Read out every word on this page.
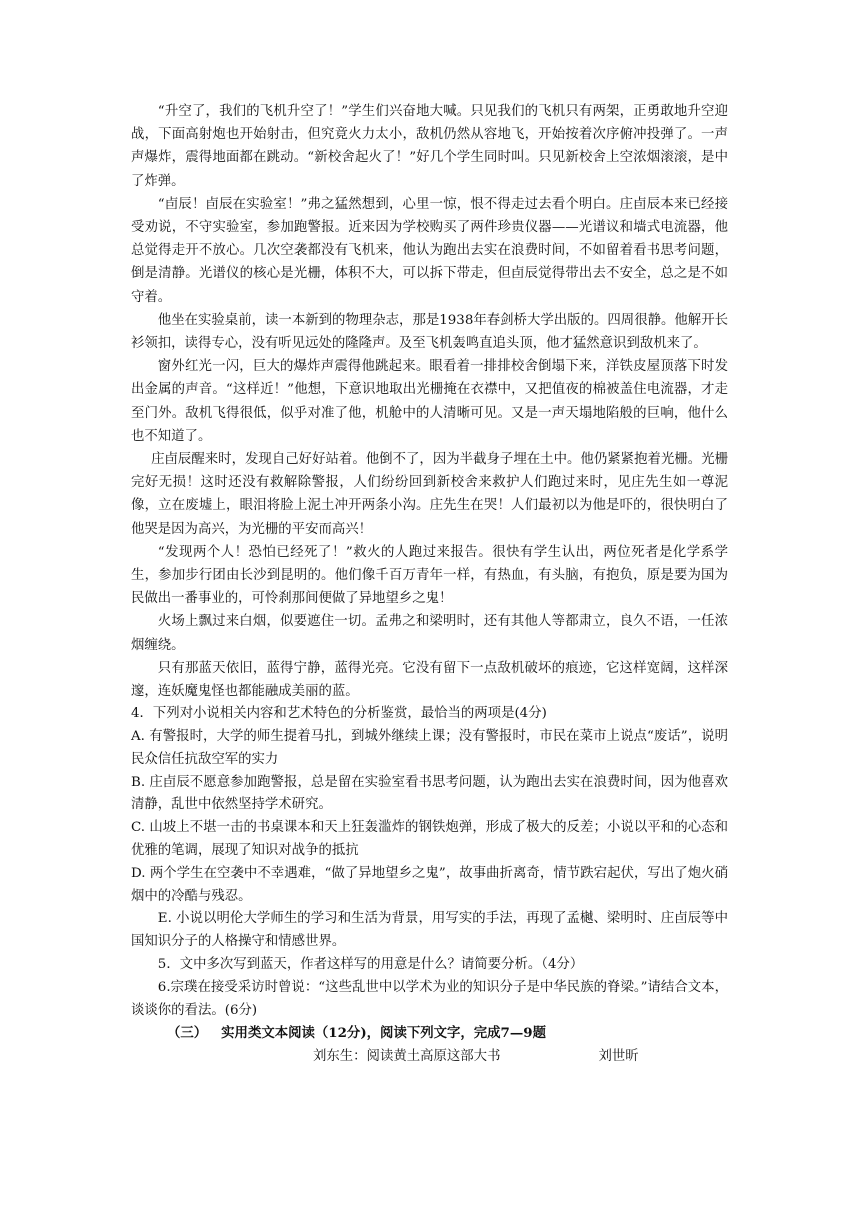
“升空了，我们的飞机升空了！”学生们兴奋地大喊。只见我们的飞机只有两架，正勇敢地升空迎战，下面高射炮也开始射击，但究竟火力太小，敌机仍然从容地飞，开始按着次序俯冲投弹了。一声声爆炸，震得地面都在跳动。“新校舍起火了！”好几个学生同时叫。只见新校舍上空浓烟滚滚，是中了炸弹。

“卣辰！卣辰在实验室！”弗之猛然想到，心里一惊，恨不得走过去看个明白。庄卣辰本来已经接受劝说，不守实验室，参加跑警报。近来因为学校购买了两件珍贵仪器——光谱议和墙式电流器，他总觉得走开不放心。几次空袭都没有飞机来，他认为跑出去实在浪费时间，不如留着看书思考问题，倒是清静。光谱仪的核心是光栅，体积不大，可以拆下带走，但卣辰觉得带出去不安全，总之是不如守着。

他坐在实验桌前，读一本新到的物理杂志，那是1938年春剑桥大学出版的。四周很静。他解开长衫领扣，读得专心，没有听见远处的隆隆声。及至飞机轰鸣直追头顶，他才猛然意识到敌机来了。

窗外红光一闪，巨大的爆炸声震得他跳起来。眼看着一排排校舍倒塌下来，洋铁皮屋顶落下时发出金属的声音。“这样近！”他想，下意识地取出光栅掩在衣襟中，又把值夜的棉被盖住电流器，才走至门外。敌机飞得很低，似乎对准了他，机舱中的人清晰可见。又是一声天塌地陷般的巨响，他什么也不知道了。

庄卣辰醒来时，发现自己好好站着。他倒不了，因为半截身子埋在土中。他仍紧紧抱着光栅。光栅完好无损！这时还没有救解除警报，人们纷纷回到新校舍来救护人们跑过来时，见庄先生如一尊泥像，立在废墟上，眼泪将脸上泥土冲开两条小沟。庄先生在哭！人们最初以为他是吓的，很快明白了他哭是因为高兴，为光栅的平安而高兴！

“发现两个人！恐怕已经死了！”救火的人跑过来报告。很快有学生认出，两位死者是化学系学生，参加步行团由长沙到昆明的。他们像千百万青年一样，有热血，有头脑，有抱负，原是要为国为民做出一番事业的，可怜刹那间便做了异地望乡之鬼！

火场上飘过来白烟，似要遮住一切。孟弗之和梁明时，还有其他人等都肃立，良久不语，一任浓烟缠绕。

只有那蓝天依旧，蓝得宁静，蓝得光亮。它没有留下一点敌机破坏的痕迹，它这样宽阔，这样深邃，连妖魔鬼怪也都能融成美丽的蓝。

4．下列对小说相关内容和艺术特色的分析鉴赏，最恰当的两项是(4分)

A. 有警报时，大学的师生提着马扎，到城外继续上课；没有警报时，市民在菜市上说点“废话”，说明民众信任抗敌空军的实力

B. 庄卣辰不愿意参加跑警报，总是留在实验室看书思考问题，认为跑出去实在浪费时间，因为他喜欢清静，乱世中依然坚持学术研究。

C. 山坡上不堪一击的书桌课本和天上狂轰滥炸的钢铁炮弹，形成了极大的反差；小说以平和的心态和优雅的笔调，展现了知识对战争的抵抗

D. 两个学生在空袭中不幸遇难，“做了异地望乡之鬼”，故事曲折离奇，情节跌宕起伏，写出了炮火硝烟中的冷酷与残忍。

E. 小说以明伦大学师生的学习和生活为背景，用写实的手法，再现了孟樾、梁明时、庄卣辰等中国知识分子的人格操守和情感世界。

5．文中多次写到蓝天，作者这样写的用意是什么？请简要分析。（4分）

6.宗璞在接受采访时曾说：“这些乱世中以学术为业的知识分子是中华民族的脊梁。”请结合文本，谈谈你的看法。(6分)

（三） 实用类文本阅读（12分)，阅读下列文字，完成7—9题
刘东生：阅读黄土高原这部大书	刘世昕
